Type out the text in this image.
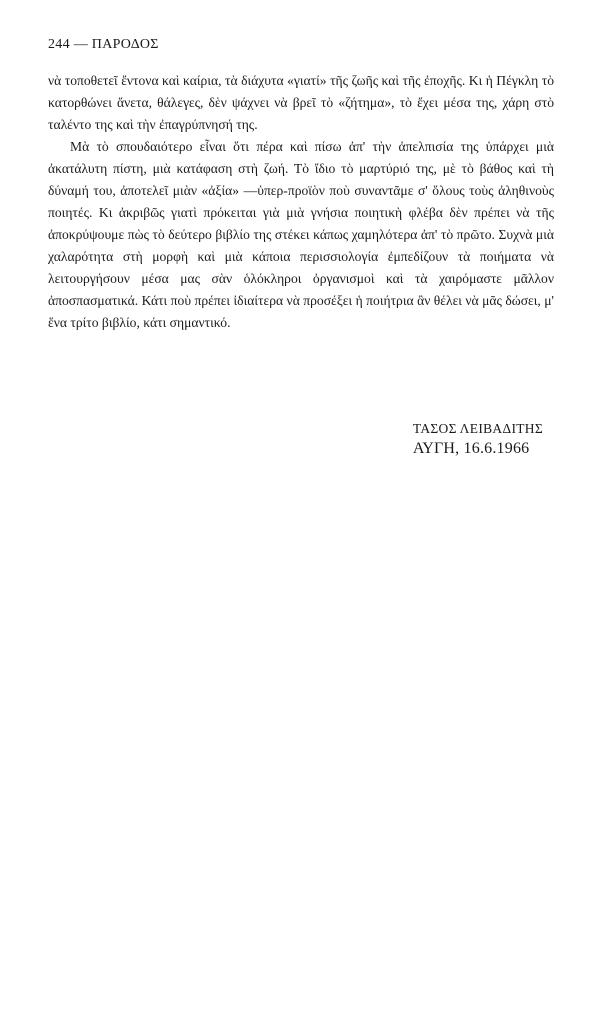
244 — ΠΑΡΟΔΟΣ

νὰ τοποθετεῖ ἔντονα καὶ καίρια, τὰ διάχυτα «γιατί» τῆς ζωῆς καὶ τῆς ἐποχῆς. Κι ἡ Πέγκλη τὸ κατορθώνει ἄνετα, θάλεγες, δὲν ψάχνει νὰ βρεῖ τὸ «ζήτημα», τὸ ἔχει μέσα της, χάρη στὸ ταλέντο της καὶ τὴν ἐπαγρύπνησή της.

Μὰ τὸ σπουδαιότερο εἶναι ὅτι πέρα καὶ πίσω ἀπ' τὴν ἀπελπισία της ὑπάρχει μιὰ ἀκατάλυτη πίστη, μιὰ κατάφαση στὴ ζωή. Τὸ ἴδιο τὸ μαρτύριό της, μὲ τὸ βάθος καὶ τὴ δύναμή του, ἀποτελεῖ μιὰν «ἀξία» —ὑπερ-προϊὸν ποὺ συναντᾶμε σ' ὅλους τοὺς ἀληθινοὺς ποιητές. Κι ἀκριβῶς γιατὶ πρόκειται γιὰ μιὰ γνήσια ποιητικὴ φλέβα δὲν πρέπει νὰ τῆς ἀποκρύψουμε πὼς τὸ δεύτερο βιβλίο της στέκει κάπως χαμηλότερα ἀπ' τὸ πρῶτο. Συχνὰ μιὰ χαλαρότητα στὴ μορφὴ καὶ μιὰ κάποια περισσιολογία ἐμπεδίζουν τὰ ποιήματα νὰ λειτουργήσουν μέσα μας σὰν ὁλόκληροι ὀργανισμοὶ καὶ τὰ χαιρόμαστε μᾶλλον ἀποσπασματικά. Κάτι ποὺ πρέπει ἰδιαίτερα νὰ προσέξει ἡ ποιήτρια ἂν θέλει νὰ μᾶς δώσει, μ' ἕνα τρίτο βιβλίο, κάτι σημαντικό.

ΤΑΣΟΣ ΛΕΙΒΑΔΙΤΗΣ
ΑΥΓΗ, 16.6.1966
